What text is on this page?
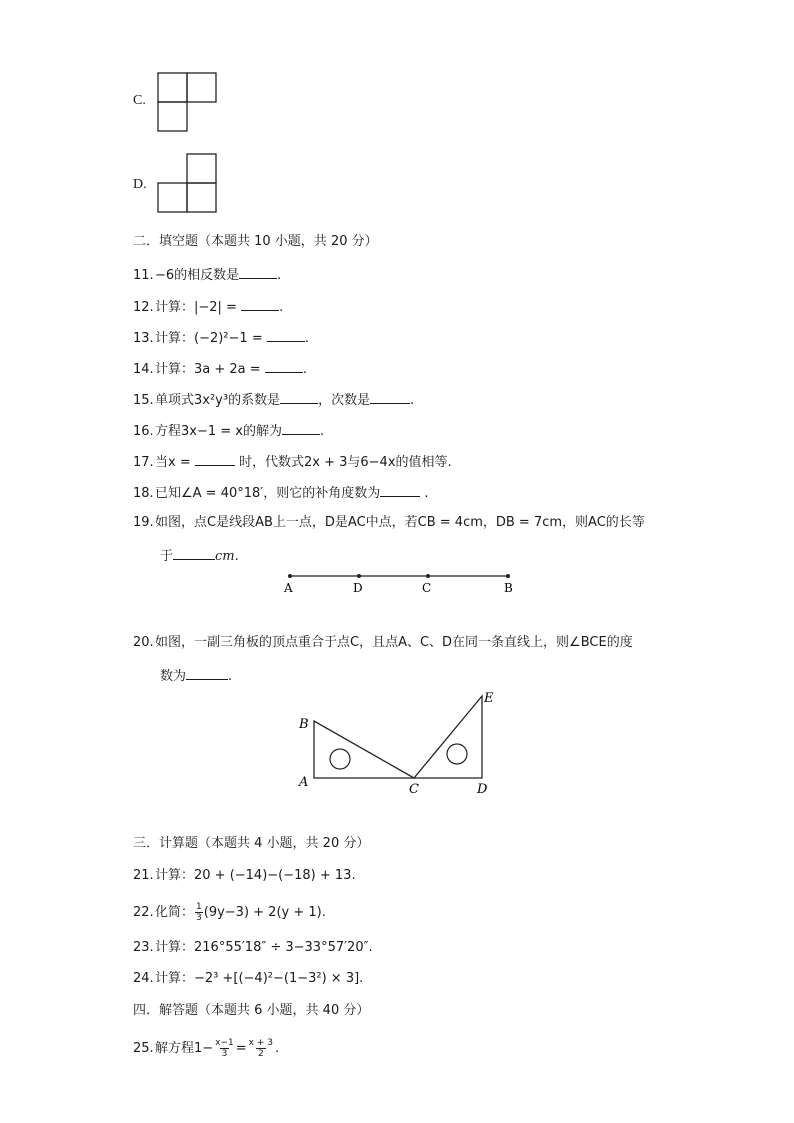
C.
D.
二．填空题（本题共 10 小题，共 20 分）
11.−6的相反数是	.
12.计算：|−2| =	.
13.计算：(−2)²−1 =	.
14.计算：3a + 2a =	.
15.单项式3x²y³的系数是	，次数是	.
16.方程3x−1 = x的解为	.
17.当x =	时，代数式2x + 3与6−4x的值相等.
18.已知∠A = 40°18′，则它的补角度数为	.
19.如图，点C是线段AB上一点，D是AC中点，若CB = 4cm，DB = 7cm，则AC的长等
于	cm.
A	D	C	B
20.如图，一副三角板的顶点重合于点C，且点A、C、D在同一条直线上，则∠BCE的度
数为	.
B
A	C	D
E
三．计算题（本题共 4 小题，共 20 分）
21.计算：20 + (−14)−(−18) + 13.
22.化简： $\frac{1}{3} (9y-3) + 2(y + 1)$.
23.计算：216°55′18″ ÷ 3−33°57′20″.
24.计算：−2³ +[(−4)²−(1−3²) × 3].
四．解答题（本题共 6 小题，共 40 分）
25.解方程$1- \frac{x-1}{3} = \frac{x + 3}{2}$ .
